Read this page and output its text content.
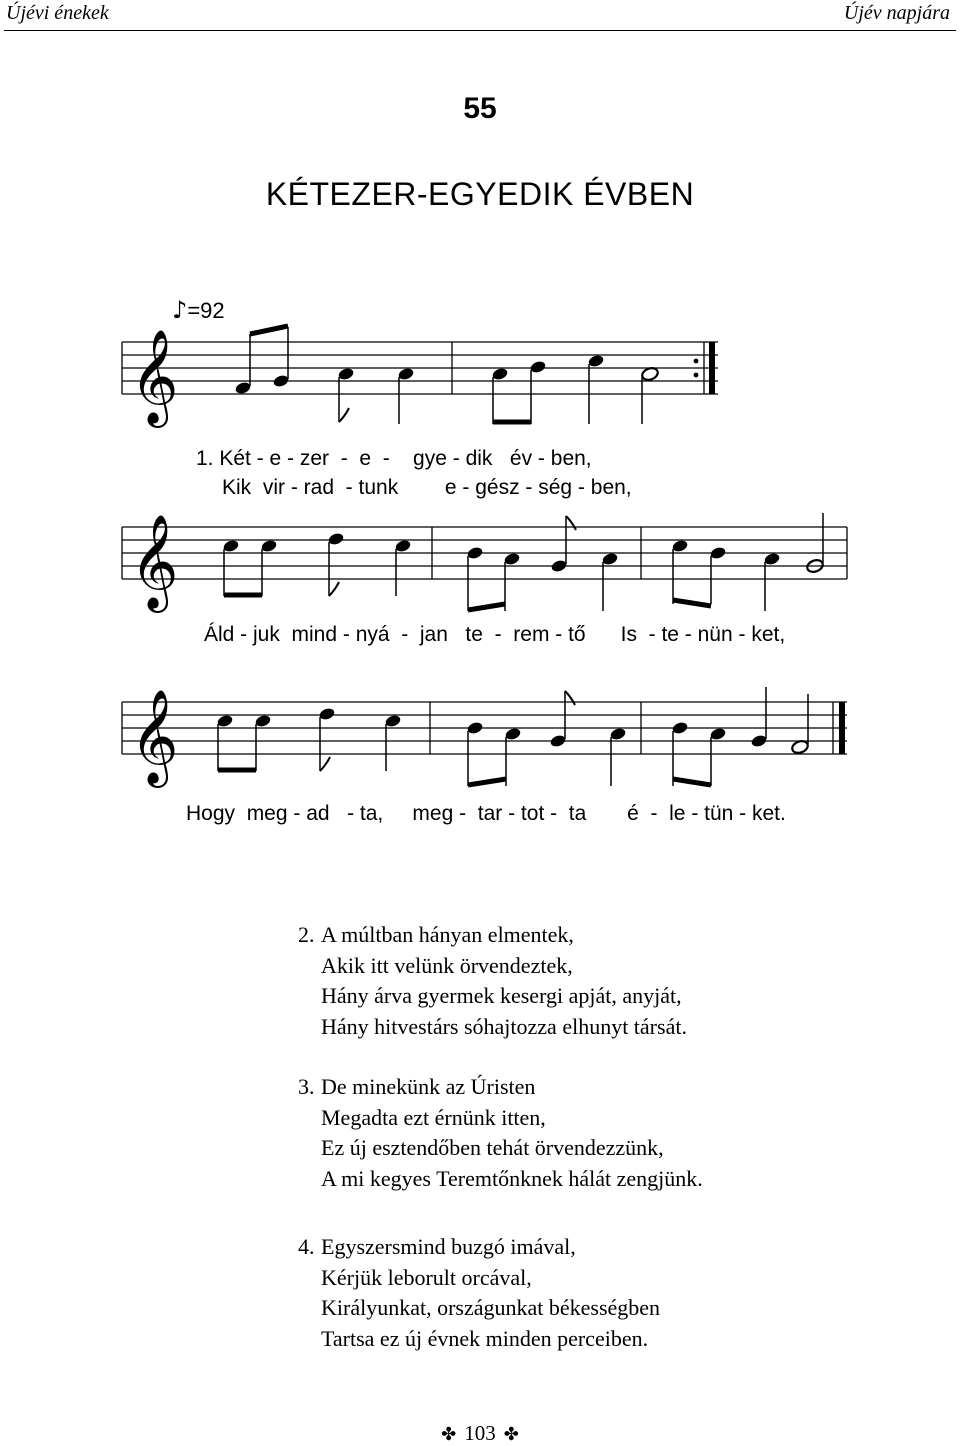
Újévi énekek	Újév napjára
55
KÉTEZER-EGYEDIK ÉVBEN
♪=92
𝄞
1. Két - e - zer  -  e  -    gye - dik   év - ben,
Kik  vir - rad  - tunk        e - gész - ség - ben,
𝄞
Áld - juk  mind - nyá  -  jan   te  -  rem - tő      Is  - te - nün - ket,
𝄞
Hogy  meg - ad   - ta,     meg -  tar - tot -  ta       é  -  le - tün - ket.
2. A múltban hányan elmentek,
Akik itt velünk örvendeztek,
Hány árva gyermek kesergi apját, anyját,
Hány hitvestárs sóhajtozza elhunyt társát.
3. De minekünk az Úristen
Megadta ezt érnünk itten,
Ez új esztendőben tehát örvendezzünk,
A mi kegyes Teremtőnknek hálát zengjünk.
4. Egyszersmind buzgó imával,
Kérjük leborult orcával,
Királyunkat, országunkat békességben
Tartsa ez új évnek minden perceiben.
✤ 103 ✤
